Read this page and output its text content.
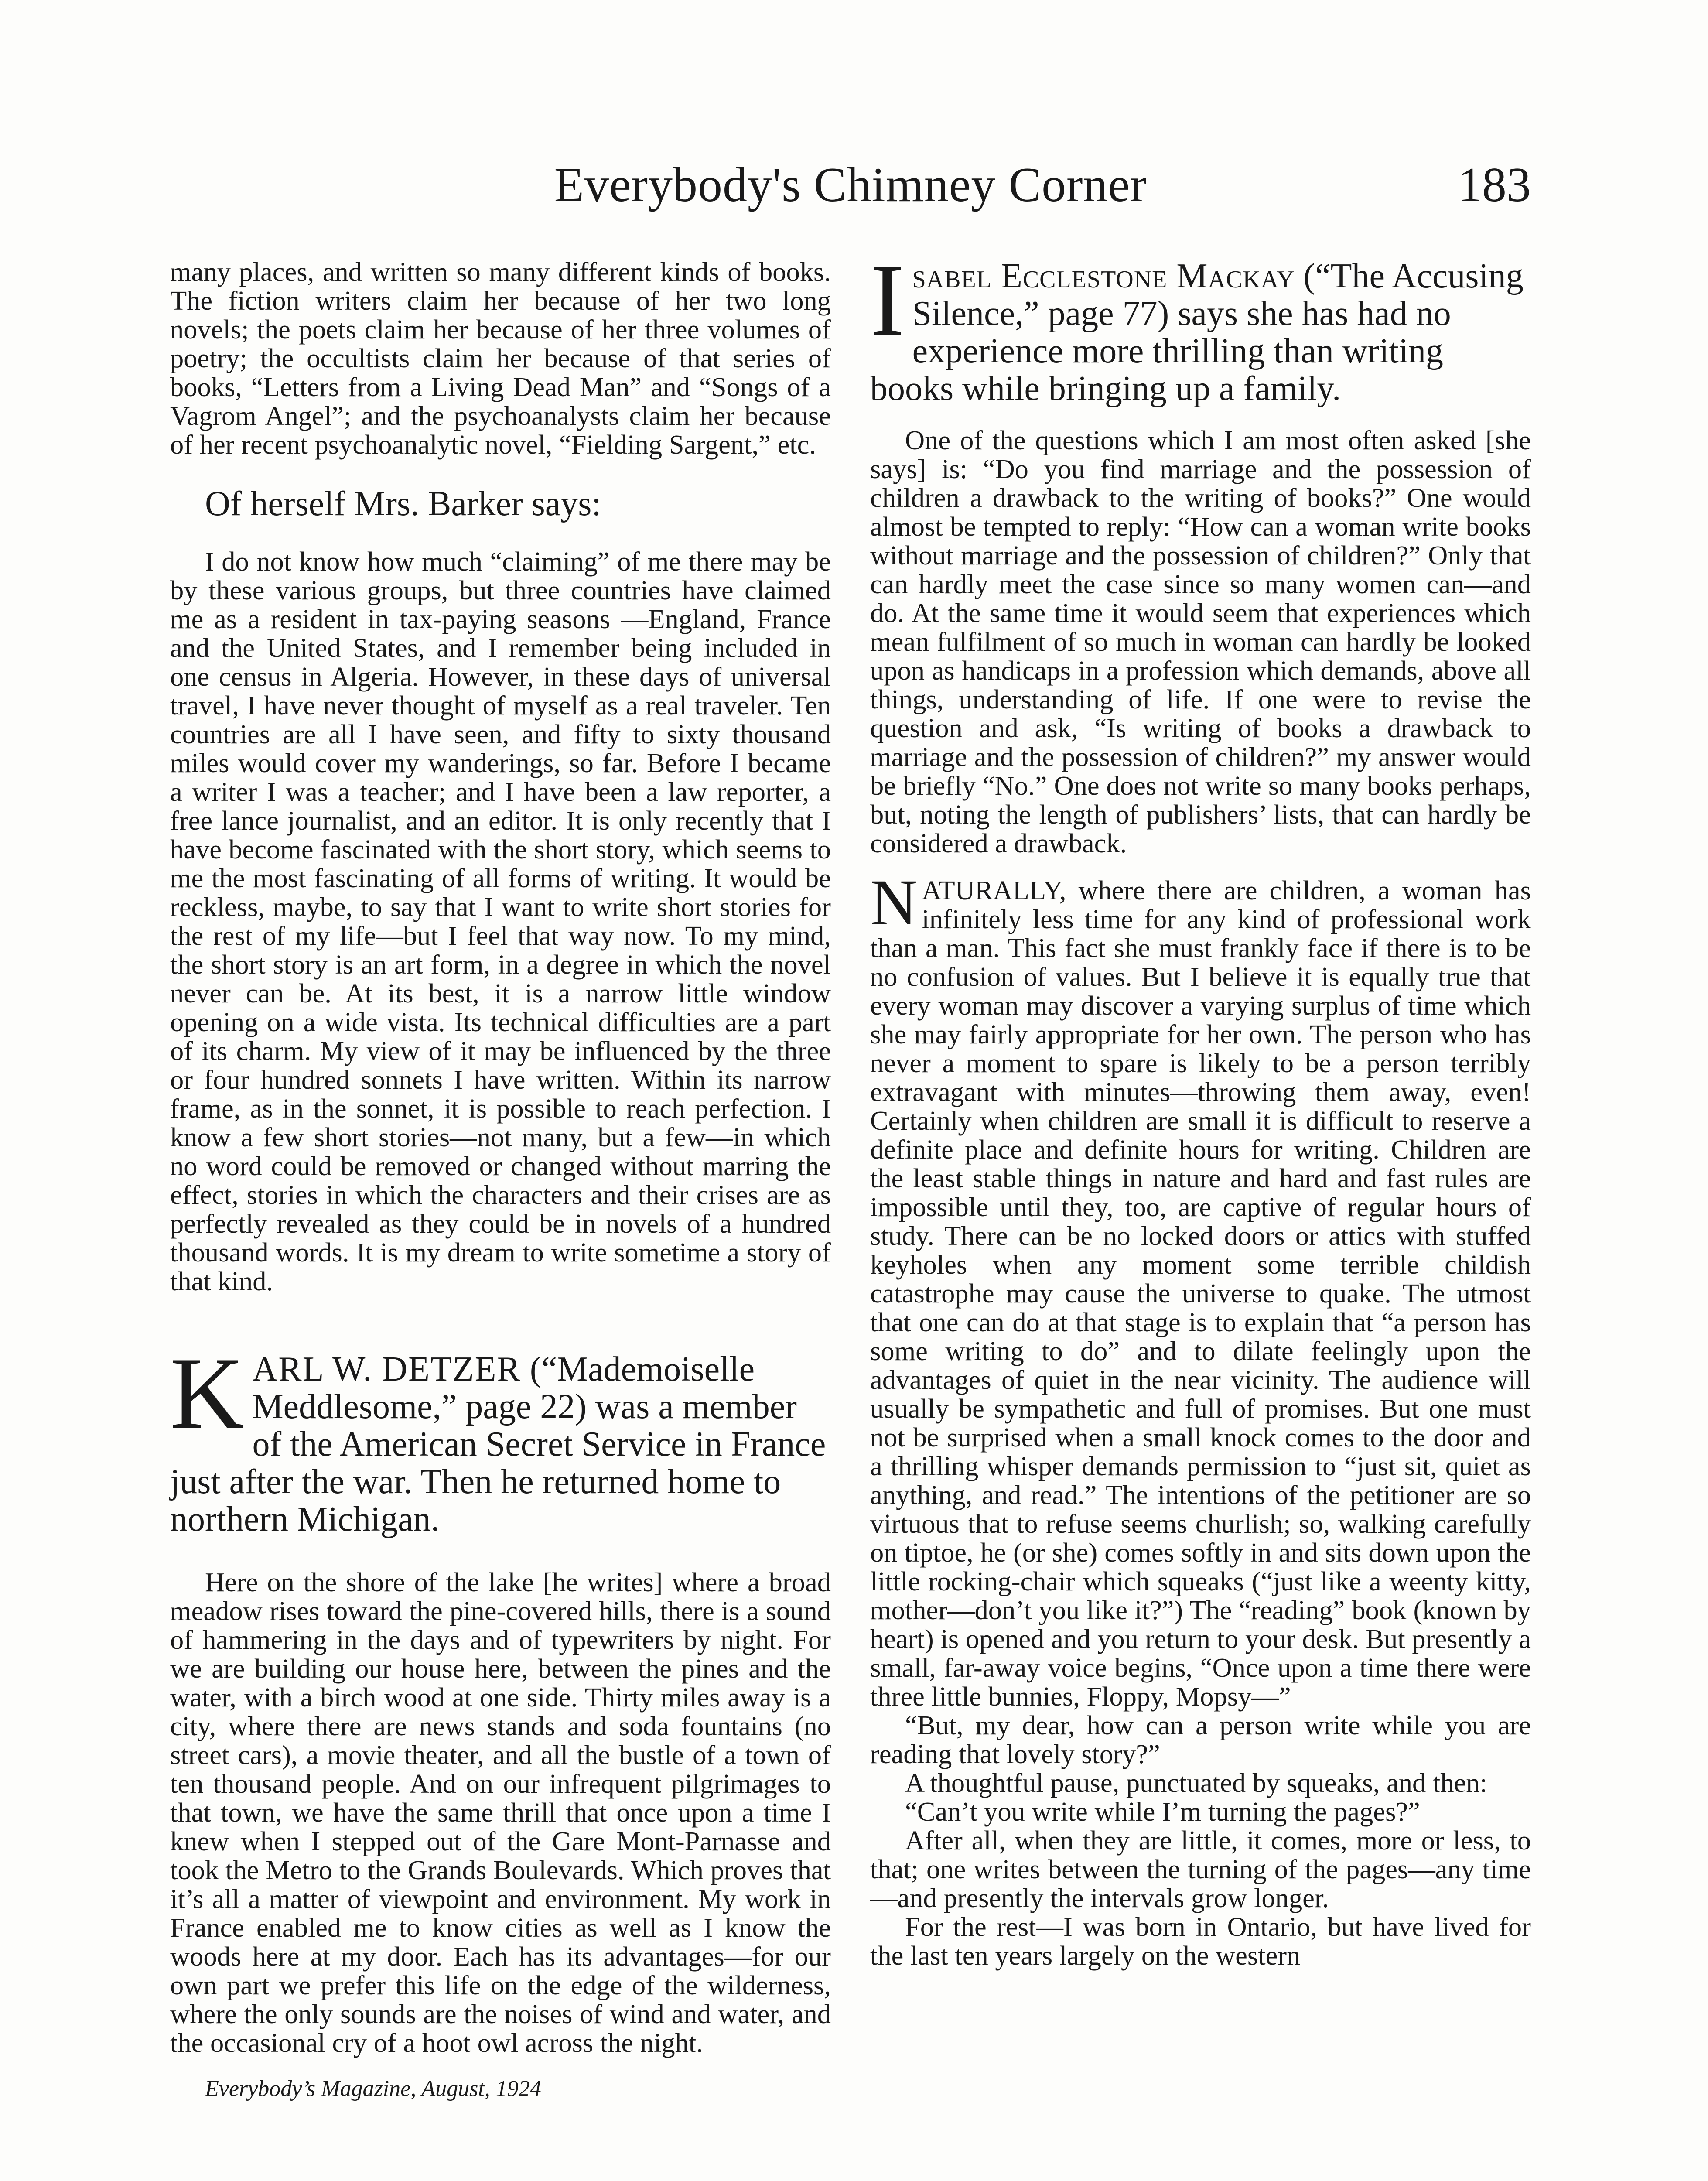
Everybody's Chimney Corner	183

many places, and written so many different kinds of books. The fiction writers claim her because of her two long novels; the poets claim her because of her three volumes of poetry; the occultists claim her because of that series of books, “Letters from a Living Dead Man” and “Songs of a Vagrom Angel”; and the psychoanalysts claim her because of her recent psychoanalytic novel, “Fielding Sargent,” etc.

Of herself Mrs. Barker says:

I do not know how much “claiming” of me there may be by these various groups, but three countries have claimed me as a resident in tax-paying seasons —England, France and the United States, and I remember being included in one census in Algeria. However, in these days of universal travel, I have never thought of myself as a real traveler. Ten countries are all I have seen, and fifty to sixty thousand miles would cover my wanderings, so far. Before I became a writer I was a teacher; and I have been a law reporter, a free lance journalist, and an editor. It is only recently that I have become fascinated with the short story, which seems to me the most fascinating of all forms of writing. It would be reckless, maybe, to say that I want to write short stories for the rest of my life—but I feel that way now. To my mind, the short story is an art form, in a degree in which the novel never can be. At its best, it is a narrow little window opening on a wide vista. Its technical difficulties are a part of its charm. My view of it may be influenced by the three or four hundred sonnets I have written. Within its narrow frame, as in the sonnet, it is possible to reach perfection. I know a few short stories—not many, but a few—in which no word could be removed or changed without marring the effect, stories in which the characters and their crises are as perfectly revealed as they could be in novels of a hundred thousand words. It is my dream to write sometime a story of that kind.

KARL W. DETZER (“Mademoiselle Meddlesome,” page 22) was a member of the American Secret Service in France just after the war. Then he returned home to northern Michigan.

Here on the shore of the lake [he writes] where a broad meadow rises toward the pine-covered hills, there is a sound of hammering in the days and of typewriters by night. For we are building our house here, between the pines and the water, with a birch wood at one side. Thirty miles away is a city, where there are news stands and soda fountains (no street cars), a movie theater, and all the bustle of a town of ten thousand people. And on our infrequent pilgrimages to that town, we have the same thrill that once upon a time I knew when I stepped out of the Gare Mont-Parnasse and took the Metro to the Grands Boulevards. Which proves that it’s all a matter of viewpoint and environment. My work in France enabled me to know cities as well as I know the woods here at my door. Each has its advantages—for our own part we prefer this life on the edge of the wilderness, where the only sounds are the noises of wind and water, and the occasional cry of a hoot owl across the night.

Everybody’s Magazine, August, 1924
Isabel Ecclestone Mackay (“The Accusing Silence,” page 77) says she has had no experience more thrilling than writing books while bringing up a family.

One of the questions which I am most often asked [she says] is: “Do you find marriage and the possession of children a drawback to the writing of books?” One would almost be tempted to reply: “How can a woman write books without marriage and the possession of children?” Only that can hardly meet the case since so many women can—and do. At the same time it would seem that experiences which mean fulfilment of so much in woman can hardly be looked upon as handicaps in a profession which demands, above all things, understanding of life. If one were to revise the question and ask, “Is writing of books a drawback to marriage and the possession of children?” my answer would be briefly “No.” One does not write so many books perhaps, but, noting the length of publishers’ lists, that can hardly be considered a drawback.

NATURALLY, where there are children, a woman has infinitely less time for any kind of professional work than a man. This fact she must frankly face if there is to be no confusion of values. But I believe it is equally true that every woman may discover a varying surplus of time which she may fairly appropriate for her own. The person who has never a moment to spare is likely to be a person terribly extravagant with minutes—throwing them away, even! Certainly when children are small it is difficult to reserve a definite place and definite hours for writing. Children are the least stable things in nature and hard and fast rules are impossible until they, too, are captive of regular hours of study. There can be no locked doors or attics with stuffed keyholes when any moment some terrible childish catastrophe may cause the universe to quake. The utmost that one can do at that stage is to explain that “a person has some writing to do” and to dilate feelingly upon the advantages of quiet in the near vicinity. The audience will usually be sympathetic and full of promises. But one must not be surprised when a small knock comes to the door and a thrilling whisper demands permission to “just sit, quiet as anything, and read.” The intentions of the petitioner are so virtuous that to refuse seems churlish; so, walking carefully on tiptoe, he (or she) comes softly in and sits down upon the little rocking-chair which squeaks (“just like a weenty kitty, mother—don’t you like it?”) The “reading” book (known by heart) is opened and you return to your desk. But presently a small, far-away voice begins, “Once upon a time there were three little bunnies, Floppy, Mopsy—”

“But, my dear, how can a person write while you are reading that lovely story?”

A thoughtful pause, punctuated by squeaks, and then:

“Can’t you write while I’m turning the pages?”

After all, when they are little, it comes, more or less, to that; one writes between the turning of the pages—any time—and presently the intervals grow longer.

For the rest—I was born in Ontario, but have lived for the last ten years largely on the western
